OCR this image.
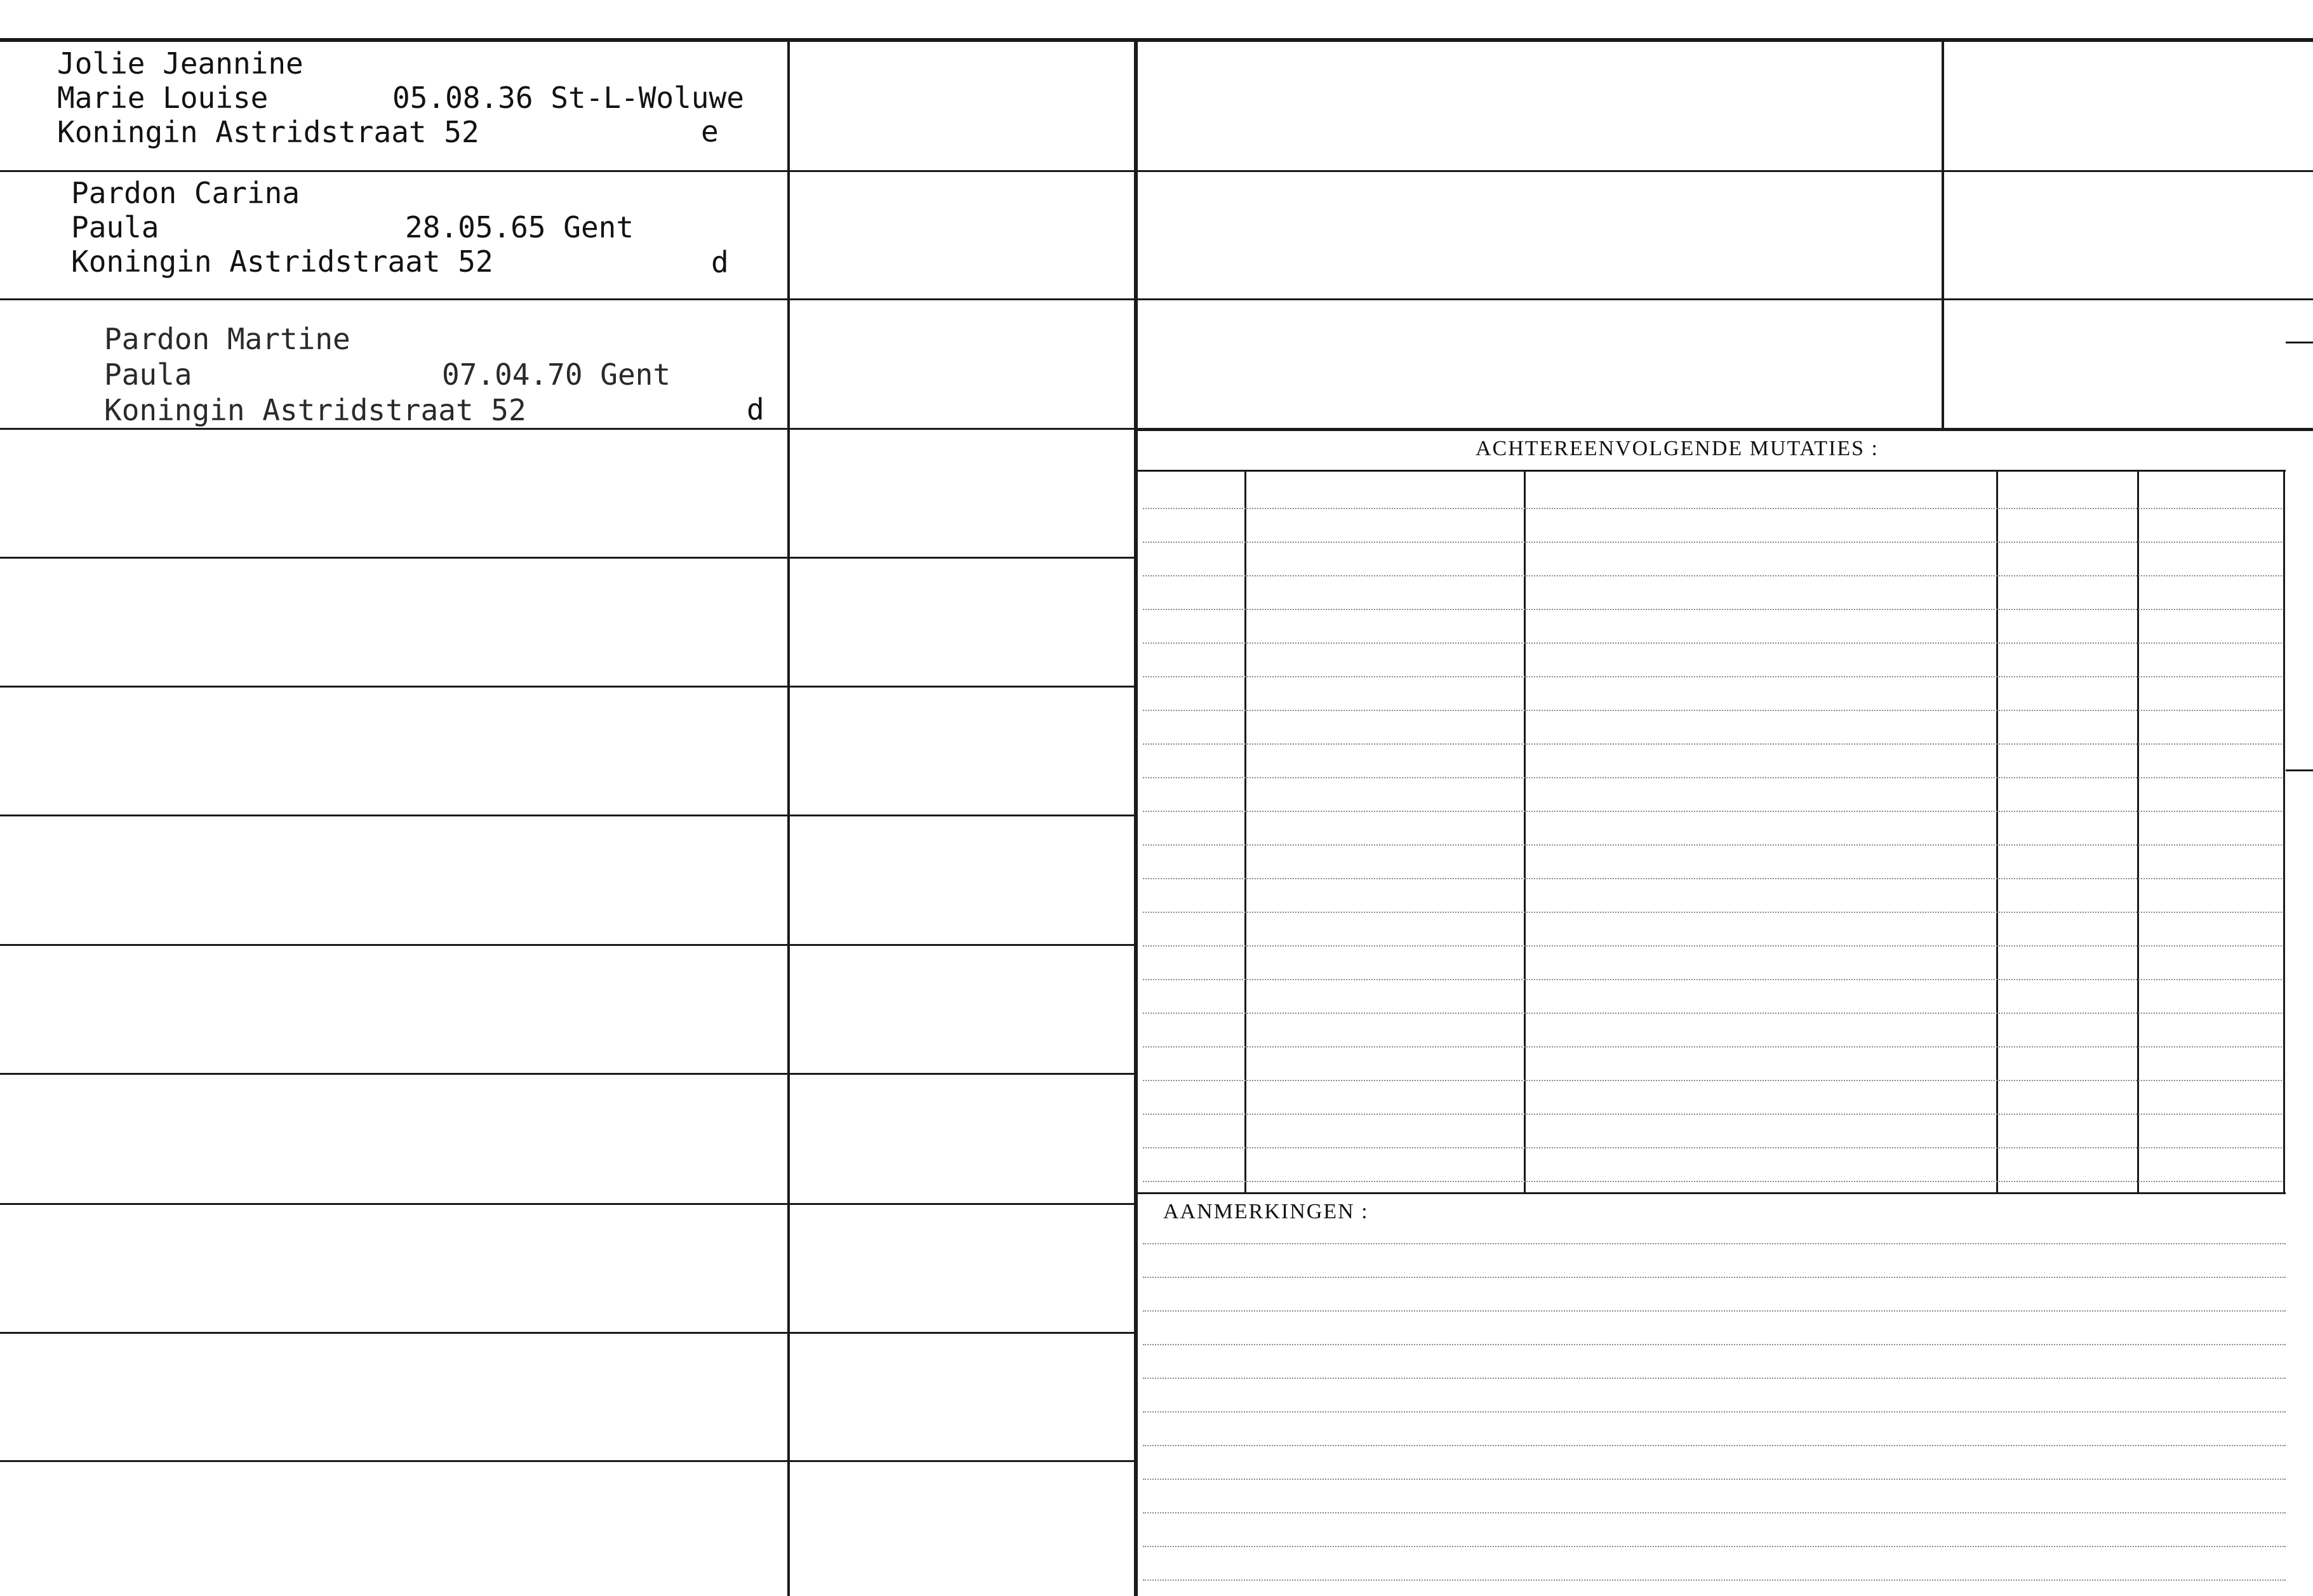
ACHTEREENVOLGENDE MUTATIES :
AANMERKINGEN :
Jolie Jeannine
Marie Louise	05.08.36 St-L-Woluwe
Koningin Astridstraat 52	e
Pardon Carina
Paula	28.05.65 Gent
Koningin Astridstraat 52	d
Pardon Martine
Paula	07.04.70 Gent
Koningin Astridstraat 52	d
